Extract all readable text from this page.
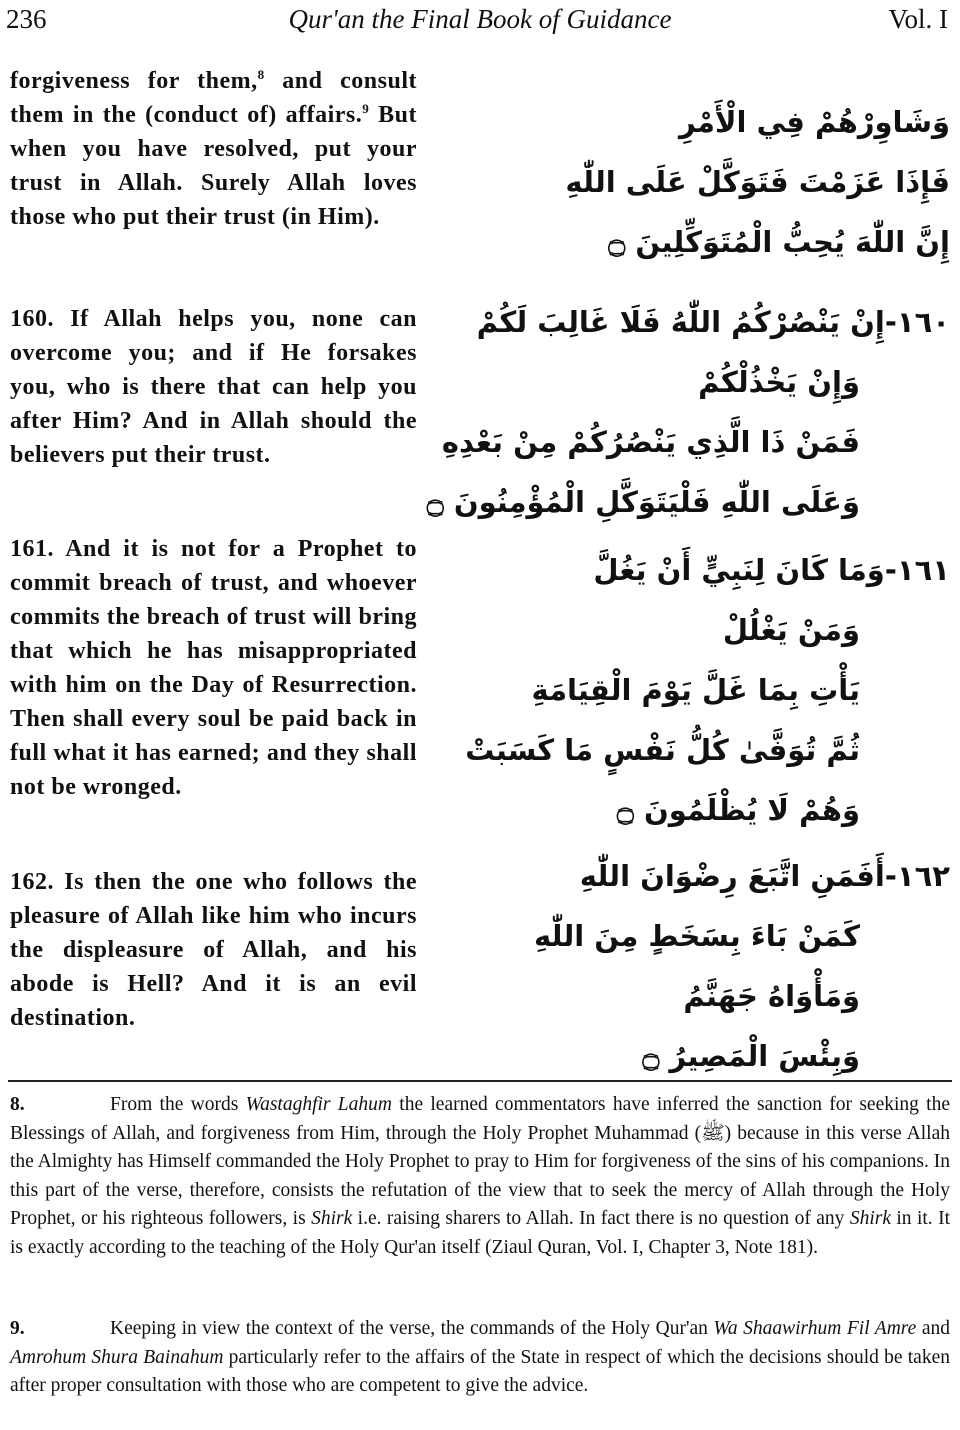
236	Qur'an the Final Book of Guidance	Vol. I
forgiveness for them,$^8$ and consult them in the (conduct of) affairs.$^9$ But when you have resolved, put your trust in Allah. Surely Allah loves those who put their trust (in Him).
وَشَاوِرْهُمْ فِي الْأَمْرِ
فَإِذَا عَزَمْتَ فَتَوَكَّلْ عَلَى اللّٰهِ
إِنَّ اللّٰهَ يُحِبُّ الْمُتَوَكِّلِينَ ۝
160. If Allah helps you, none can overcome you; and if He forsakes you, who is there that can help you after Him? And in Allah should the believers put their trust.
١٦٠-إِنْ يَنْصُرْكُمُ اللّٰهُ فَلَا غَالِبَ لَكُمْ
وَإِنْ يَخْذُلْكُمْ
فَمَنْ ذَا الَّذِي يَنْصُرُكُمْ مِنْ بَعْدِهِ
وَعَلَى اللّٰهِ فَلْيَتَوَكَّلِ الْمُؤْمِنُونَ ۝
161. And it is not for a Prophet to commit breach of trust, and whoever commits the breach of trust will bring that which he has misappropriated with him on the Day of Resurrection. Then shall every soul be paid back in full what it has earned; and they shall not be wronged.
١٦١-وَمَا كَانَ لِنَبِيٍّ أَنْ يَغُلَّ
وَمَنْ يَغْلُلْ
يَأْتِ بِمَا غَلَّ يَوْمَ الْقِيَامَةِ
ثُمَّ تُوَفَّىٰ كُلُّ نَفْسٍ مَا كَسَبَتْ
وَهُمْ لَا يُظْلَمُونَ ۝
162. Is then the one who follows the pleasure of Allah like him who incurs the displeasure of Allah, and his abode is Hell? And it is an evil destination.
١٦٢-أَفَمَنِ اتَّبَعَ رِضْوَانَ اللّٰهِ
كَمَنْ بَاءَ بِسَخَطٍ مِنَ اللّٰهِ
وَمَأْوَاهُ جَهَنَّمُ
وَبِئْسَ الْمَصِيرُ ۝
8.	From the words Wastaghfir Lahum the learned commentators have inferred the sanction for seeking the Blessings of Allah, and forgiveness from Him, through the Holy Prophet Muhammad (ﷺ) because in this verse Allah the Almighty has Himself commanded the Holy Prophet to pray to Him for forgiveness of the sins of his companions. In this part of the verse, therefore, consists the refutation of the view that to seek the mercy of Allah through the Holy Prophet, or his righteous followers, is Shirk i.e. raising sharers to Allah. In fact there is no question of any Shirk in it. It is exactly according to the teaching of the Holy Qur'an itself (Ziaul Quran, Vol. I, Chapter 3, Note 181).
9.	Keeping in view the context of the verse, the commands of the Holy Qur'an Wa Shaawirhum Fil Amre and Amrohum Shura Bainahum particularly refer to the affairs of the State in respect of which the decisions should be taken after proper consultation with those who are competent to give the advice.
